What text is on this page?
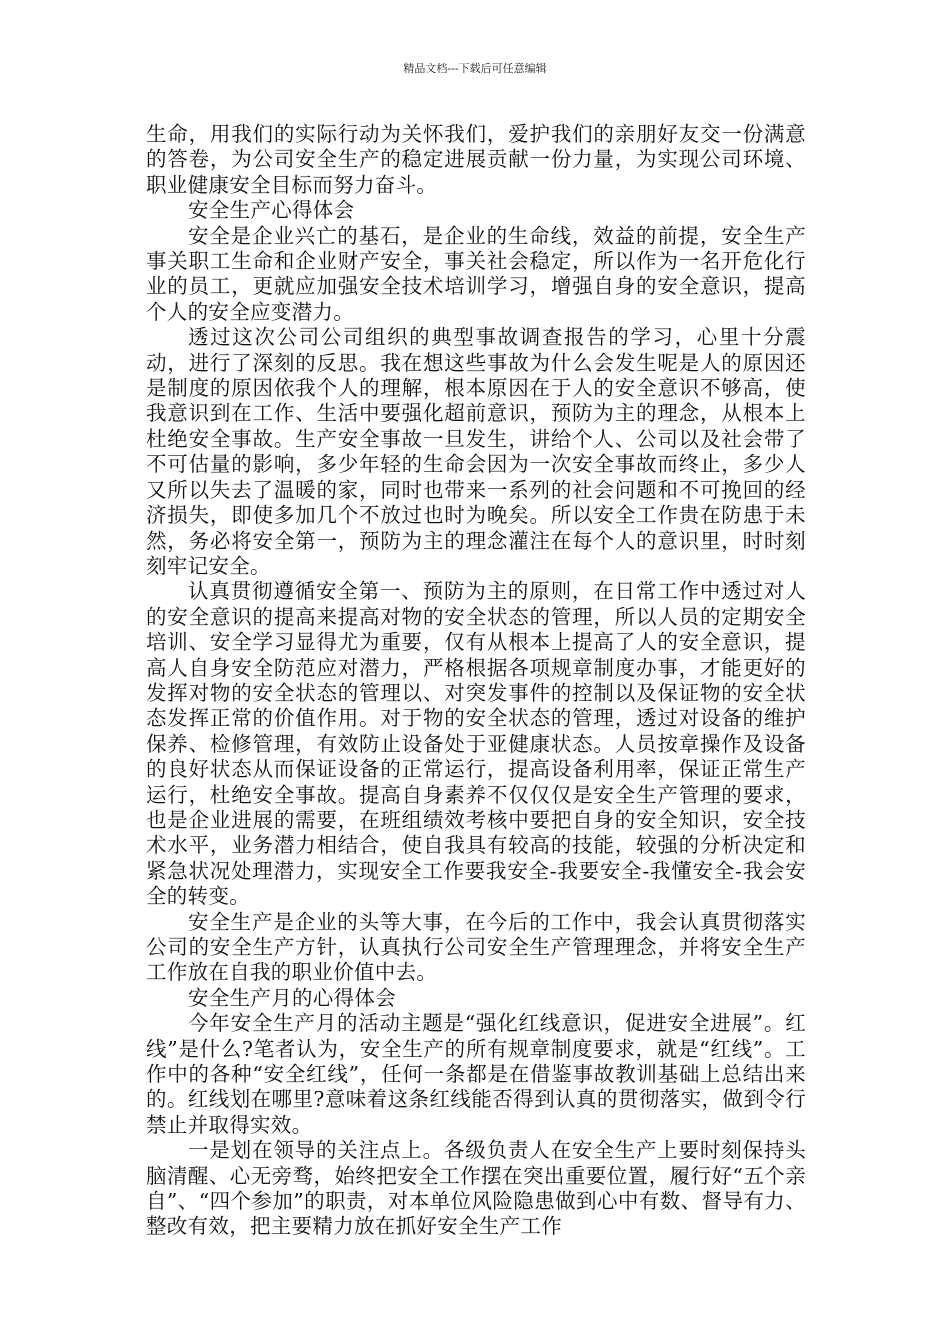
精品文档---下载后可任意编辑

生命，用我们的实际行动为关怀我们，爱护我们的亲朋好友交一份满意的答卷，为公司安全生产的稳定进展贡献一份力量，为实现公司环境、职业健康安全目标而努力奋斗。

安全生产心得体会

安全是企业兴亡的基石，是企业的生命线，效益的前提，安全生产事关职工生命和企业财产安全，事关社会稳定，所以作为一名开危化行业的员工，更就应加强安全技术培训学习，增强自身的安全意识，提高个人的安全应变潜力。

透过这次公司公司组织的典型事故调查报告的学习，心里十分震动，进行了深刻的反思。我在想这些事故为什么会发生呢是人的原因还是制度的原因依我个人的理解，根本原因在于人的安全意识不够高，使我意识到在工作、生活中要强化超前意识，预防为主的理念，从根本上杜绝安全事故。生产安全事故一旦发生，讲给个人、公司以及社会带了不可估量的影响，多少年轻的生命会因为一次安全事故而终止，多少人又所以失去了温暖的家，同时也带来一系列的社会问题和不可挽回的经济损失，即使多加几个不放过也时为晚矣。所以安全工作贵在防患于未然，务必将安全第一，预防为主的理念灌注在每个人的意识里，时时刻刻牢记安全。

认真贯彻遵循安全第一、预防为主的原则，在日常工作中透过对人的安全意识的提高来提高对物的安全状态的管理，所以人员的定期安全培训、安全学习显得尤为重要，仅有从根本上提高了人的安全意识，提高人自身安全防范应对潜力，严格根据各项规章制度办事，才能更好的发挥对物的安全状态的管理以、对突发事件的控制以及保证物的安全状态发挥正常的价值作用。对于物的安全状态的管理，透过对设备的维护保养、检修管理，有效防止设备处于亚健康状态。人员按章操作及设备的良好状态从而保证设备的正常运行，提高设备利用率，保证正常生产运行，杜绝安全事故。提高自身素养不仅仅仅是安全生产管理的要求，也是企业进展的需要，在班组绩效考核中要把自身的安全知识，安全技术水平，业务潜力相结合，使自我具有较高的技能，较强的分析决定和紧急状况处理潜力，实现安全工作要我安全-我要安全-我懂安全-我会安全的转变。

安全生产是企业的头等大事，在今后的工作中，我会认真贯彻落实公司的安全生产方针，认真执行公司安全生产管理理念，并将安全生产工作放在自我的职业价值中去。

安全生产月的心得体会

今年安全生产月的活动主题是“强化红线意识，促进安全进展”。红线”是什么?笔者认为，安全生产的所有规章制度要求，就是“红线”。工作中的各种“安全红线”，任何一条都是在借鉴事故教训基础上总结出来的。红线划在哪里?意味着这条红线能否得到认真的贯彻落实，做到令行禁止并取得实效。

一是划在领导的关注点上。各级负责人在安全生产上要时刻保持头脑清醒、心无旁骛，始终把安全工作摆在突出重要位置，履行好“五个亲自”、“四个参加”的职责，对本单位风险隐患做到心中有数、督导有力、整改有效，把主要精力放在抓好安全生产工作
